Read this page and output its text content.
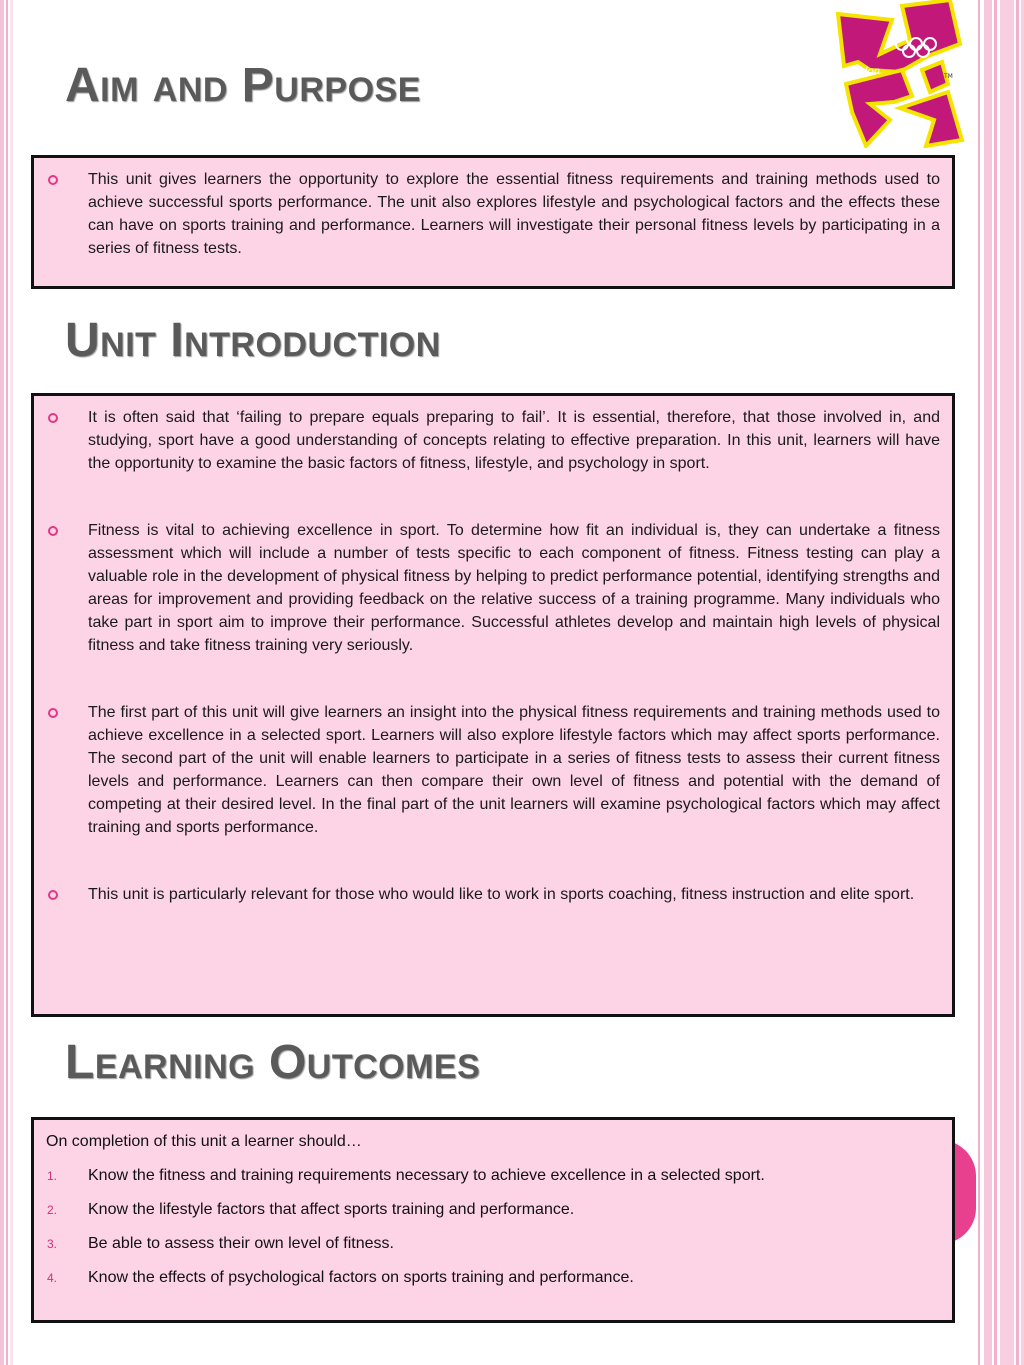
london	TM
Aim and Purpose
This unit gives learners the opportunity to explore the essential fitness requirements and training methods used to achieve successful sports performance. The unit also explores lifestyle and psychological factors and the effects these can have on sports training and performance. Learners will investigate their personal fitness levels by participating in a series of fitness tests.
Unit Introduction
It is often said that ‘failing to prepare equals preparing to fail’. It is essential, therefore, that those involved in, and studying, sport have a good understanding of concepts relating to effective preparation. In this unit, learners will have the opportunity to examine the basic factors of fitness, lifestyle, and psychology in sport.
Fitness is vital to achieving excellence in sport. To determine how fit an individual is, they can undertake a fitness assessment which will include a number of tests specific to each component of fitness. Fitness testing can play a valuable role in the development of physical fitness by helping to predict performance potential, identifying strengths and areas for improvement and providing feedback on the relative success of a training programme. Many individuals who take part in sport aim to improve their performance. Successful athletes develop and maintain high levels of physical fitness and take fitness training very seriously.
The first part of this unit will give learners an insight into the physical fitness requirements and training methods used to achieve excellence in a selected sport. Learners will also explore lifestyle factors which may affect sports performance. The second part of the unit will enable learners to participate in a series of fitness tests to assess their current fitness levels and performance. Learners can then compare their own level of fitness and potential with the demand of competing at their desired level. In the final part of the unit learners will examine psychological factors which may affect training and sports performance.
This unit is particularly relevant for those who would like to work in sports coaching, fitness instruction and elite sport.
Learning Outcomes
On completion of this unit a learner should…
1. Know the fitness and training requirements necessary to achieve excellence in a selected sport.
2. Know the lifestyle factors that affect sports training and performance.
3. Be able to assess their own level of fitness.
4. Know the effects of psychological factors on sports training and performance.
